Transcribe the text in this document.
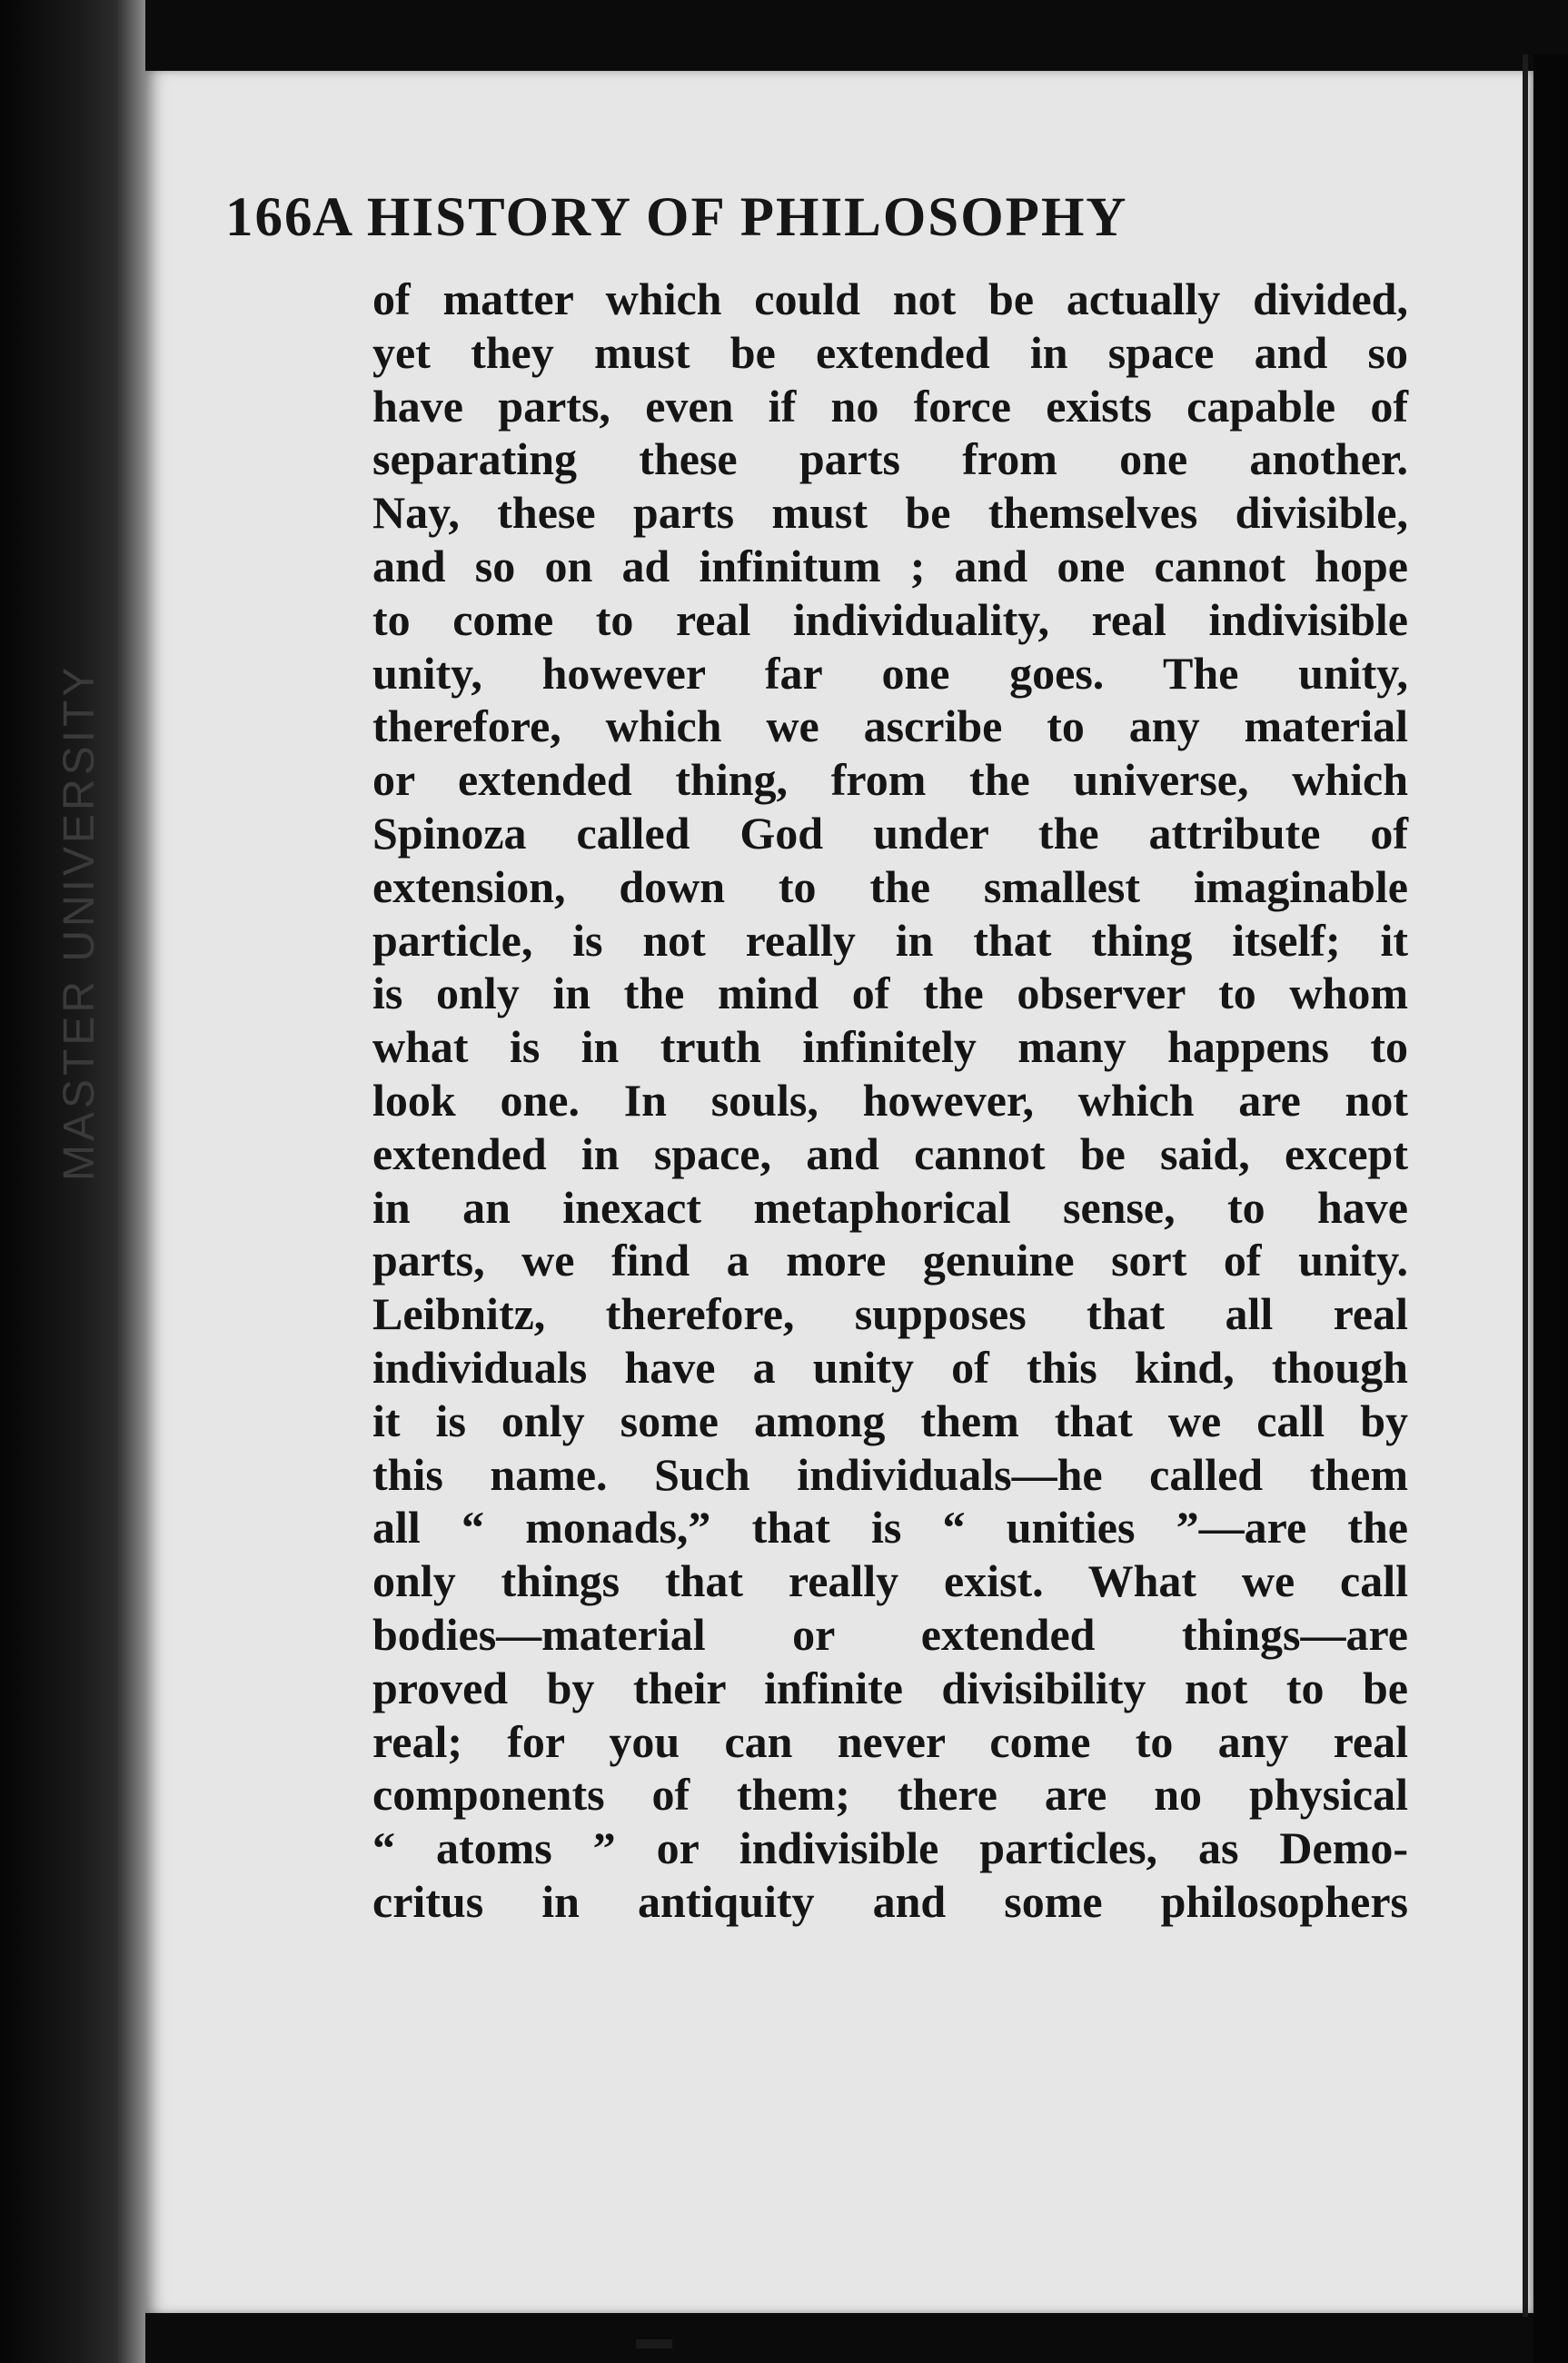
MASTER UNIVERSITY
166
A HISTORY OF PHILOSOPHY
of matter which could not be actually divided,
yet they must be extended in space and so
have parts, even if no force exists capable of
separating these parts from one another.
Nay, these parts must be themselves divisible,
and so on ad infinitum ; and one cannot hope
to come to real individuality, real indivisible
unity, however far one goes. The unity,
therefore, which we ascribe to any material
or extended thing, from the universe, which
Spinoza called God under the attribute of
extension, down to the smallest imaginable
particle, is not really in that thing itself; it
is only in the mind of the observer to whom
what is in truth infinitely many happens to
look one. In souls, however, which are not
extended in space, and cannot be said, except
in an inexact metaphorical sense, to have
parts, we find a more genuine sort of unity.
Leibnitz, therefore, supposes that all real
individuals have a unity of this kind, though
it is only some among them that we call by
this name. Such individuals—he called them
all “ monads,” that is “ unities ”—are the
only things that really exist. What we call
bodies—material or extended things—are
proved by their infinite divisibility not to be
real; for you can never come to any real
components of them; there are no physical
“ atoms ” or indivisible particles, as Demo-
critus in antiquity and some philosophers
